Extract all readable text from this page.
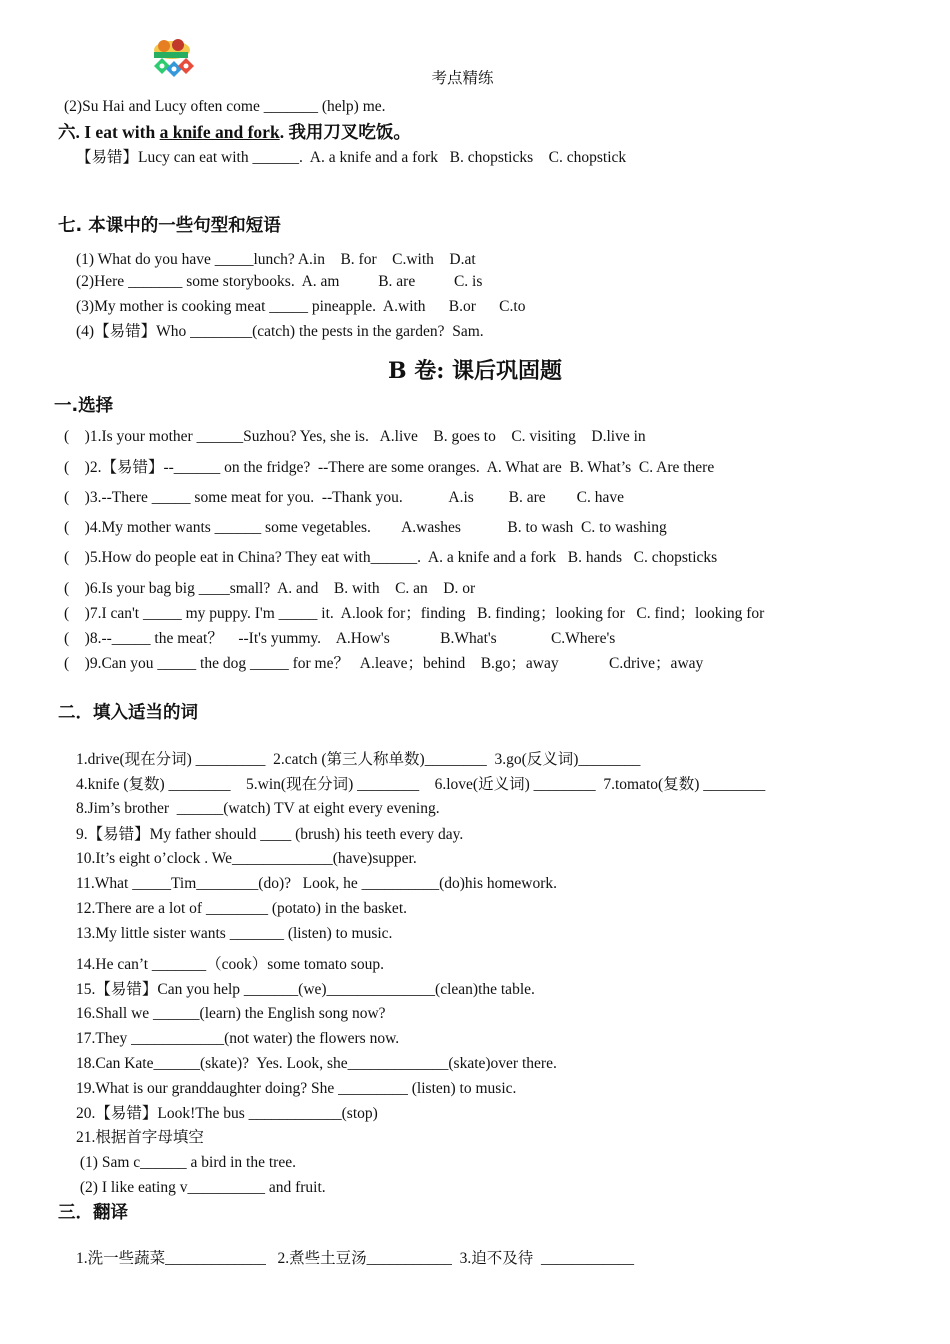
考点精练
(2)Su Hai and Lucy often come _______ (help) me.
六. I eat with a knife and fork. 我用刀叉吃饭。
【易错】Lucy can eat with ______.  A. a knife and a fork   B. chopsticks    C. chopstick
七. 本课中的一些句型和短语
(1) What do you have _____lunch? A.in    B. for    C.with    D.at
(2)Here _______ some storybooks.  A. am          B. are          C. is
(3)My mother is cooking meat _____ pineapple.  A.with      B.or      C.to
(4)【易错】Who ________(catch) the pests in the garden?  Sam.
B 卷: 课后巩固题
一.选择
(    )1.Is your mother ______Suzhou? Yes, she is.   A.live    B. goes to    C. visiting    D.live in
(    )2.【易错】--______ on the fridge?  --There are some oranges.  A. What are  B. What’s  C. Are there
(    )3.--There _____ some meat for you.  --Thank you.            A.is         B. are        C. have
(    )4.My mother wants ______ some vegetables.        A.washes            B. to wash  C. to washing
(    )5.How do people eat in China? They eat with______.  A. a knife and a fork   B. hands   C. chopsticks
(    )6.Is your bag big ____small?  A. and    B. with    C. an    D. or
(    )7.I can't _____ my puppy. I'm _____ it.  A.look for；finding   B. finding；looking for   C. find；looking for
(    )8.--_____ the meat？    --It's yummy.    A.How's             B.What's              C.Where's
(    )9.Can you _____ the dog _____ for me？   A.leave；behind    B.go；away             C.drive；away
二．填入适当的词
1.drive(现在分词) _________  2.catch (第三人称单数)________  3.go(反义词)________
4.knife (复数) ________    5.win(现在分词) ________    6.love(近义词) ________  7.tomato(复数) ________
8.Jim’s brother  ______(watch) TV at eight every evening.
9.【易错】My father should ____ (brush) his teeth every day.
10.It’s eight o’clock . We_____________(have)supper.
11.What _____Tim________(do)?   Look, he __________(do)his homework.
12.There are a lot of ________ (potato) in the basket.
13.My little sister wants _______ (listen) to music.
14.He can’t _______（cook）some tomato soup.
15.【易错】Can you help _______(we)______________(clean)the table.
16.Shall we ______(learn) the English song now?
17.They ____________(not water) the flowers now.
18.Can Kate______(skate)?  Yes. Look, she_____________(skate)over there.
19.What is our granddaughter doing? She _________ (listen) to music.
20.【易错】Look!The bus ____________(stop)
21.根据首字母填空
(1) Sam c______ a bird in the tree.
(2) I like eating v__________ and fruit.
三．翻译
1.洗一些蔬菜_____________   2.煮些土豆汤___________  3.迫不及待  ____________
